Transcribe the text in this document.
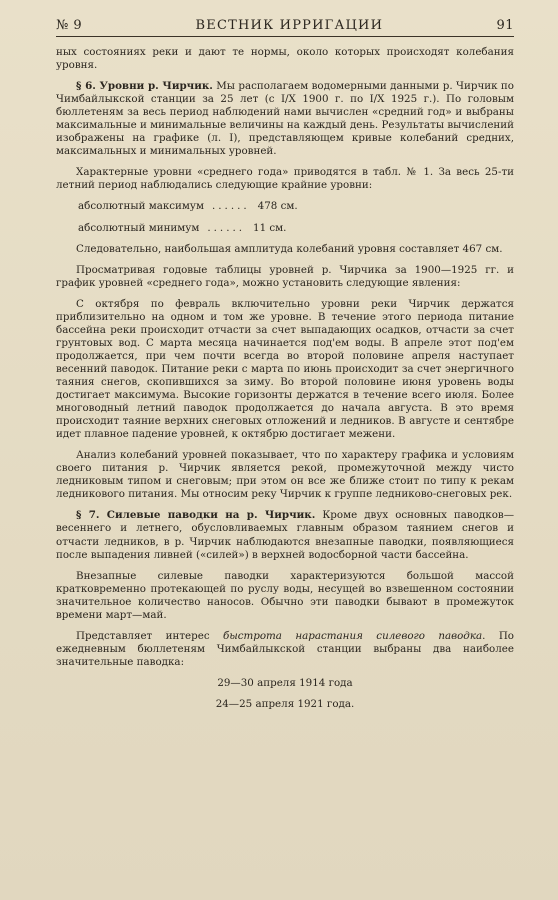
№ 9	ВЕСТНИК ИРРИГАЦИИ	91

ных состояниях реки и дают те нормы, около которых происходят колебания уровня.

§ 6. Уровни р. Чирчик. Мы располагаем водомерными данными р. Чирчик по Чимбайлыкской станции за 25 лет (с I/X 1900 г. по I/X 1925 г.). По головым бюллетеням за весь период наблюдений нами вычислен «средний год» и выбраны максимальные и минимальные величины на каждый день. Результаты вычислений изображены на графике (л. I), представляющем кривые колебаний средних, максимальных и минимальных уровней.

Характерные уровни «среднего года» приводятся в табл. № 1. За весь 25-ти летний период наблюдались следующие крайние уровни:

абсолютный максимум ...... 478 см.
абсолютный минимум ...... 11 см.

Следовательно, наибольшая амплитуда колебаний уровня составляет 467 см.

Просматривая годовые таблицы уровней р. Чирчика за 1900—1925 гг. и график уровней «среднего года», можно установить следующие явления:

С октября по февраль включительно уровни реки Чирчик держатся приблизительно на одном и том же уровне. В течение этого периода питание бассейна реки происходит отчасти за счет выпадающих осадков, отчасти за счет грунтовых вод. С марта месяца начинается под'ем воды. В апреле этот под'ем продолжается, при чем почти всегда во второй половине апреля наступает весенний паводок. Питание реки с марта по июнь происходит за счет энергичного таяния снегов, скопившихся за зиму. Во второй половине июня уровень воды достигает максимума. Высокие горизонты держатся в течение всего июля. Более многоводный летний паводок продолжается до начала августа. В это время происходит таяние верхних снеговых отложений и ледников. В августе и сентябре идет плавное падение уровней, к октябрю достигает межени.

Анализ колебаний уровней показывает, что по характеру графика и условиям своего питания р. Чирчик является рекой, промежуточной между чисто ледниковым типом и снеговым; при этом он все же ближе стоит по типу к рекам ледникового питания. Мы относим реку Чирчик к группе ледниково-снеговых рек.

§ 7. Силевые паводки на р. Чирчик. Кроме двух основных паводков—весеннего и летнего, обусловливаемых главным образом таянием снегов и отчасти ледников, в р. Чирчик наблюдаются внезапные паводки, появляющиеся после выпадения ливней («силей») в верхней водосборной части бассейна.

Внезапные силевые паводки характеризуются большой массой кратковременно протекающей по руслу воды, несущей во взвешенном состоянии значительное количество наносов. Обычно эти паводки бывают в промежуток времени март—май.

Представляет интерес быстрота нарастания силевого паводка. По ежедневным бюллетеням Чимбайлыкской станции выбраны два наиболее значительные паводка:

29—30 апреля 1914 года

24—25 апреля 1921 года.
